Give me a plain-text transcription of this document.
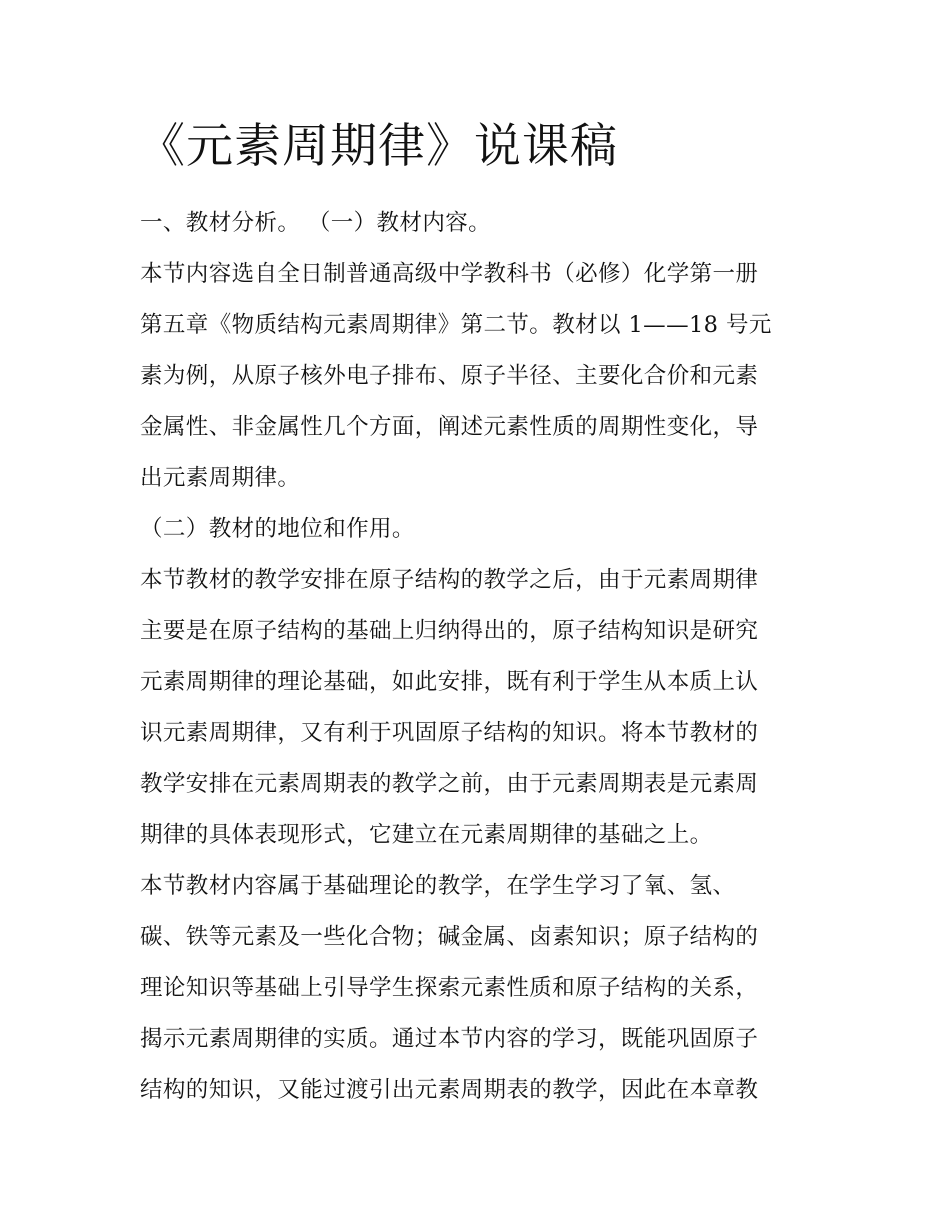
《元素周期律》说课稿
一、教材分析。 （一）教材内容。
本节内容选自全日制普通高级中学教科书（必修）化学第一册
第五章《物质结构元素周期律》第二节。教材以 1——18 号元
素为例，从原子核外电子排布、原子半径、主要化合价和元素
金属性、非金属性几个方面，阐述元素性质的周期性变化，导
出元素周期律。
（二）教材的地位和作用。
本节教材的教学安排在原子结构的教学之后，由于元素周期律
主要是在原子结构的基础上归纳得出的，原子结构知识是研究
元素周期律的理论基础，如此安排，既有利于学生从本质上认
识元素周期律，又有利于巩固原子结构的知识。将本节教材的
教学安排在元素周期表的教学之前，由于元素周期表是元素周
期律的具体表现形式，它建立在元素周期律的基础之上。
本节教材内容属于基础理论的教学，在学生学习了氧、氢、
碳、铁等元素及一些化合物；碱金属、卤素知识；原子结构的
理论知识等基础上引导学生探索元素性质和原子结构的关系，
揭示元素周期律的实质。通过本节内容的学习，既能巩固原子
结构的知识，又能过渡引出元素周期表的教学，因此在本章教
